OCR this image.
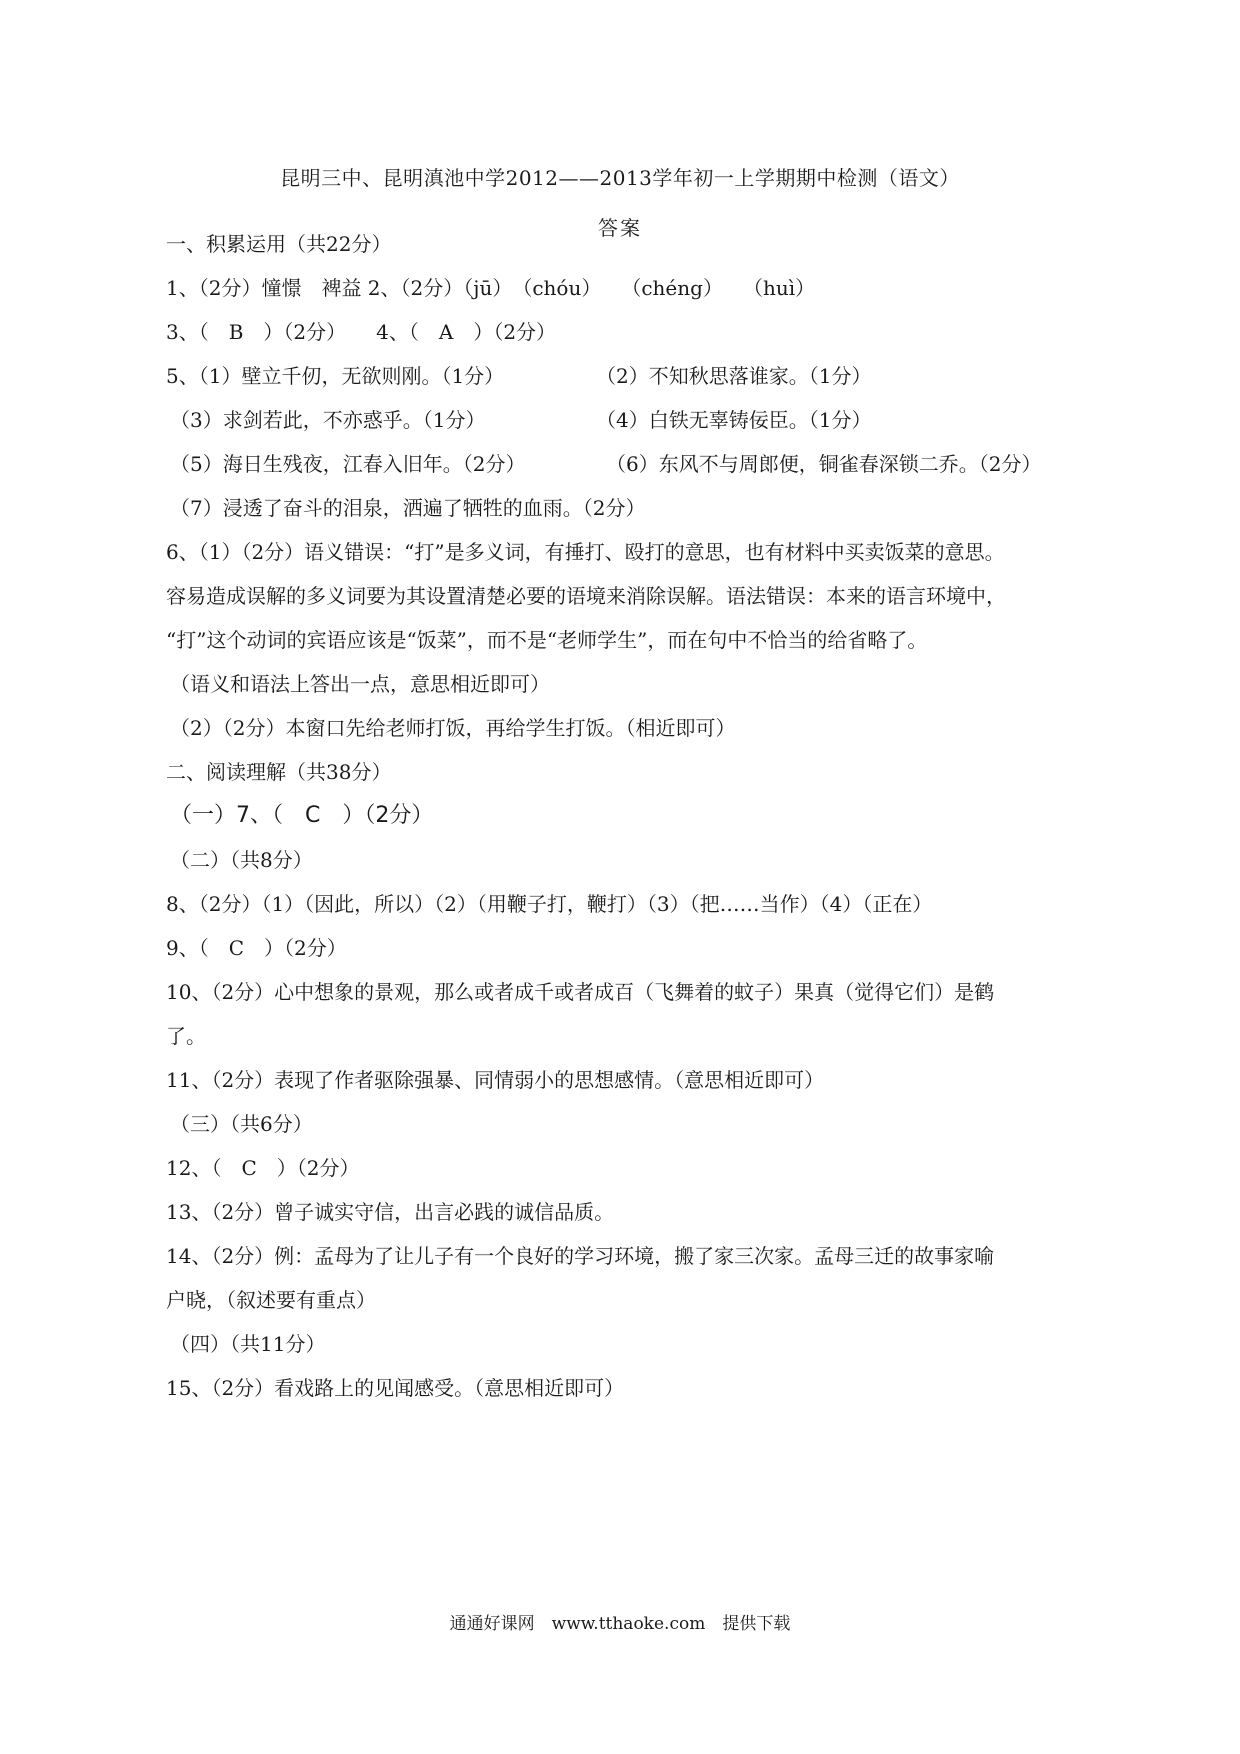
昆明三中、昆明滇池中学2012——2013学年初一上学期期中检测（语文）
答案
一、积累运用（共22分）
1、（2分）憧憬　裨益 2、（2分）（jū）　（chóu）　　（chéng）　　（huì）
3、（　B　）（2分）　　4、（　A　）（2分）
5、（1）壁立千仞，无欲则刚。（1分）	（2）不知秋思落谁家。（1分）
（3）求剑若此，不亦惑乎。（1分）	（4）白铁无辜铸佞臣。（1分）
（5）海日生残夜，江春入旧年。（2分）	（6）东风不与周郎便，铜雀春深锁二乔。（2分）
（7）浸透了奋斗的泪泉，洒遍了牺牲的血雨。（2分）
6、（1）（2分）语义错误：“打”是多义词，有捶打、殴打的意思，也有材料中买卖饭菜的意思。
容易造成误解的多义词要为其设置清楚必要的语境来消除误解。语法错误：本来的语言环境中，
“打”这个动词的宾语应该是“饭菜”，而不是“老师学生”，而在句中不恰当的给省略了。
（语义和语法上答出一点，意思相近即可）
（2）（2分）本窗口先给老师打饭，再给学生打饭。（相近即可）
二、阅读理解（共38分）
（一）7、（　C　）（2分）
（二）（共8分）
8、（2分）（1）（因此，所以）（2）（用鞭子打，鞭打）（3）（把……当作）（4）（正在）
9、（　C　）（2分）
10、（2分）心中想象的景观，那么或者成千或者成百（飞舞着的蚊子）果真（觉得它们）是鹤
了。
11、（2分）表现了作者驱除强暴、同情弱小的思想感情。（意思相近即可）
（三）（共6分）
12、（　C　）（2分）
13、（2分）曾子诚实守信，出言必践的诚信品质。
14、（2分）例：孟母为了让儿子有一个良好的学习环境，搬了家三次家。孟母三迁的故事家喻
户晓，（叙述要有重点）
（四）（共11分）
15、（2分）看戏路上的见闻感受。（意思相近即可）
通通好课网　www.tthaoke.com　提供下载
